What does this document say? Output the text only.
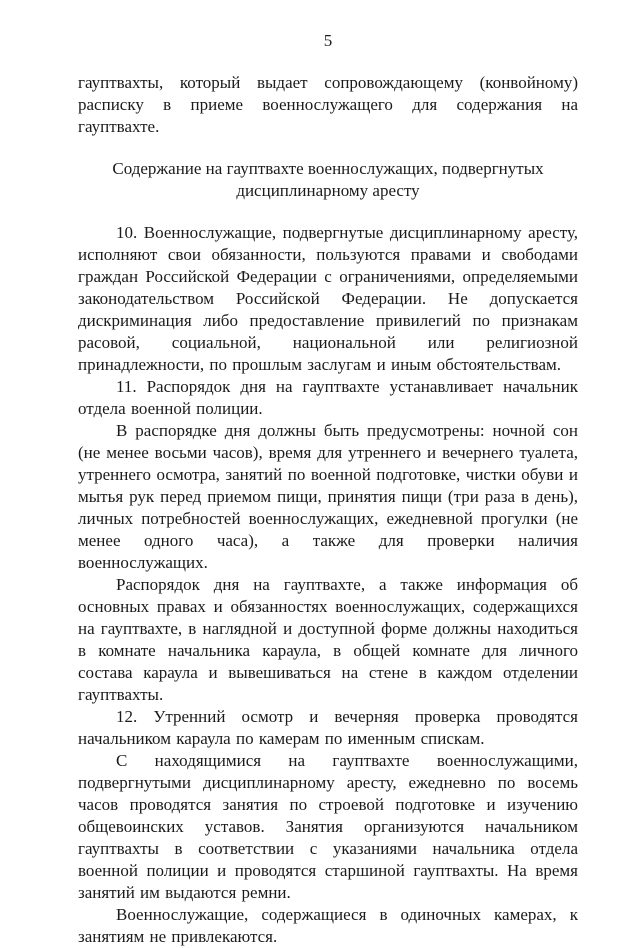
5

гауптвахты, который выдает сопровождающему (конвойному) расписку в приеме военнослужащего для содержания на гауптвахте.

Содержание на гауптвахте военнослужащих, подвергнутых дисциплинарному аресту

10. Военнослужащие, подвергнутые дисциплинарному аресту, исполняют свои обязанности, пользуются правами и свободами граждан Российской Федерации с ограничениями, определяемыми законодательством Российской Федерации. Не допускается дискриминация либо предоставление привилегий по признакам расовой, социальной, национальной или религиозной принадлежности, по прошлым заслугам и иным обстоятельствам.

11. Распорядок дня на гауптвахте устанавливает начальник отдела военной полиции.

В распорядке дня должны быть предусмотрены: ночной сон (не менее восьми часов), время для утреннего и вечернего туалета, утреннего осмотра, занятий по военной подготовке, чистки обуви и мытья рук перед приемом пищи, принятия пищи (три раза в день), личных потребностей военнослужащих, ежедневной прогулки (не менее одного часа), а также для проверки наличия военнослужащих.

Распорядок дня на гауптвахте, а также информация об основных правах и обязанностях военнослужащих, содержащихся на гауптвахте, в наглядной и доступной форме должны находиться в комнате начальника караула, в общей комнате для личного состава караула и вывешиваться на стене в каждом отделении гауптвахты.

12. Утренний осмотр и вечерняя проверка проводятся начальником караула по камерам по именным спискам.

С находящимися на гауптвахте военнослужащими, подвергнутыми дисциплинарному аресту, ежедневно по восемь часов проводятся занятия по строевой подготовке и изучению общевоинских уставов. Занятия организуются начальником гауптвахты в соответствии с указаниями начальника отдела военной полиции и проводятся старшиной гауптвахты. На время занятий им выдаются ремни.

Военнослужащие, содержащиеся в одиночных камерах, к занятиям не привлекаются.
